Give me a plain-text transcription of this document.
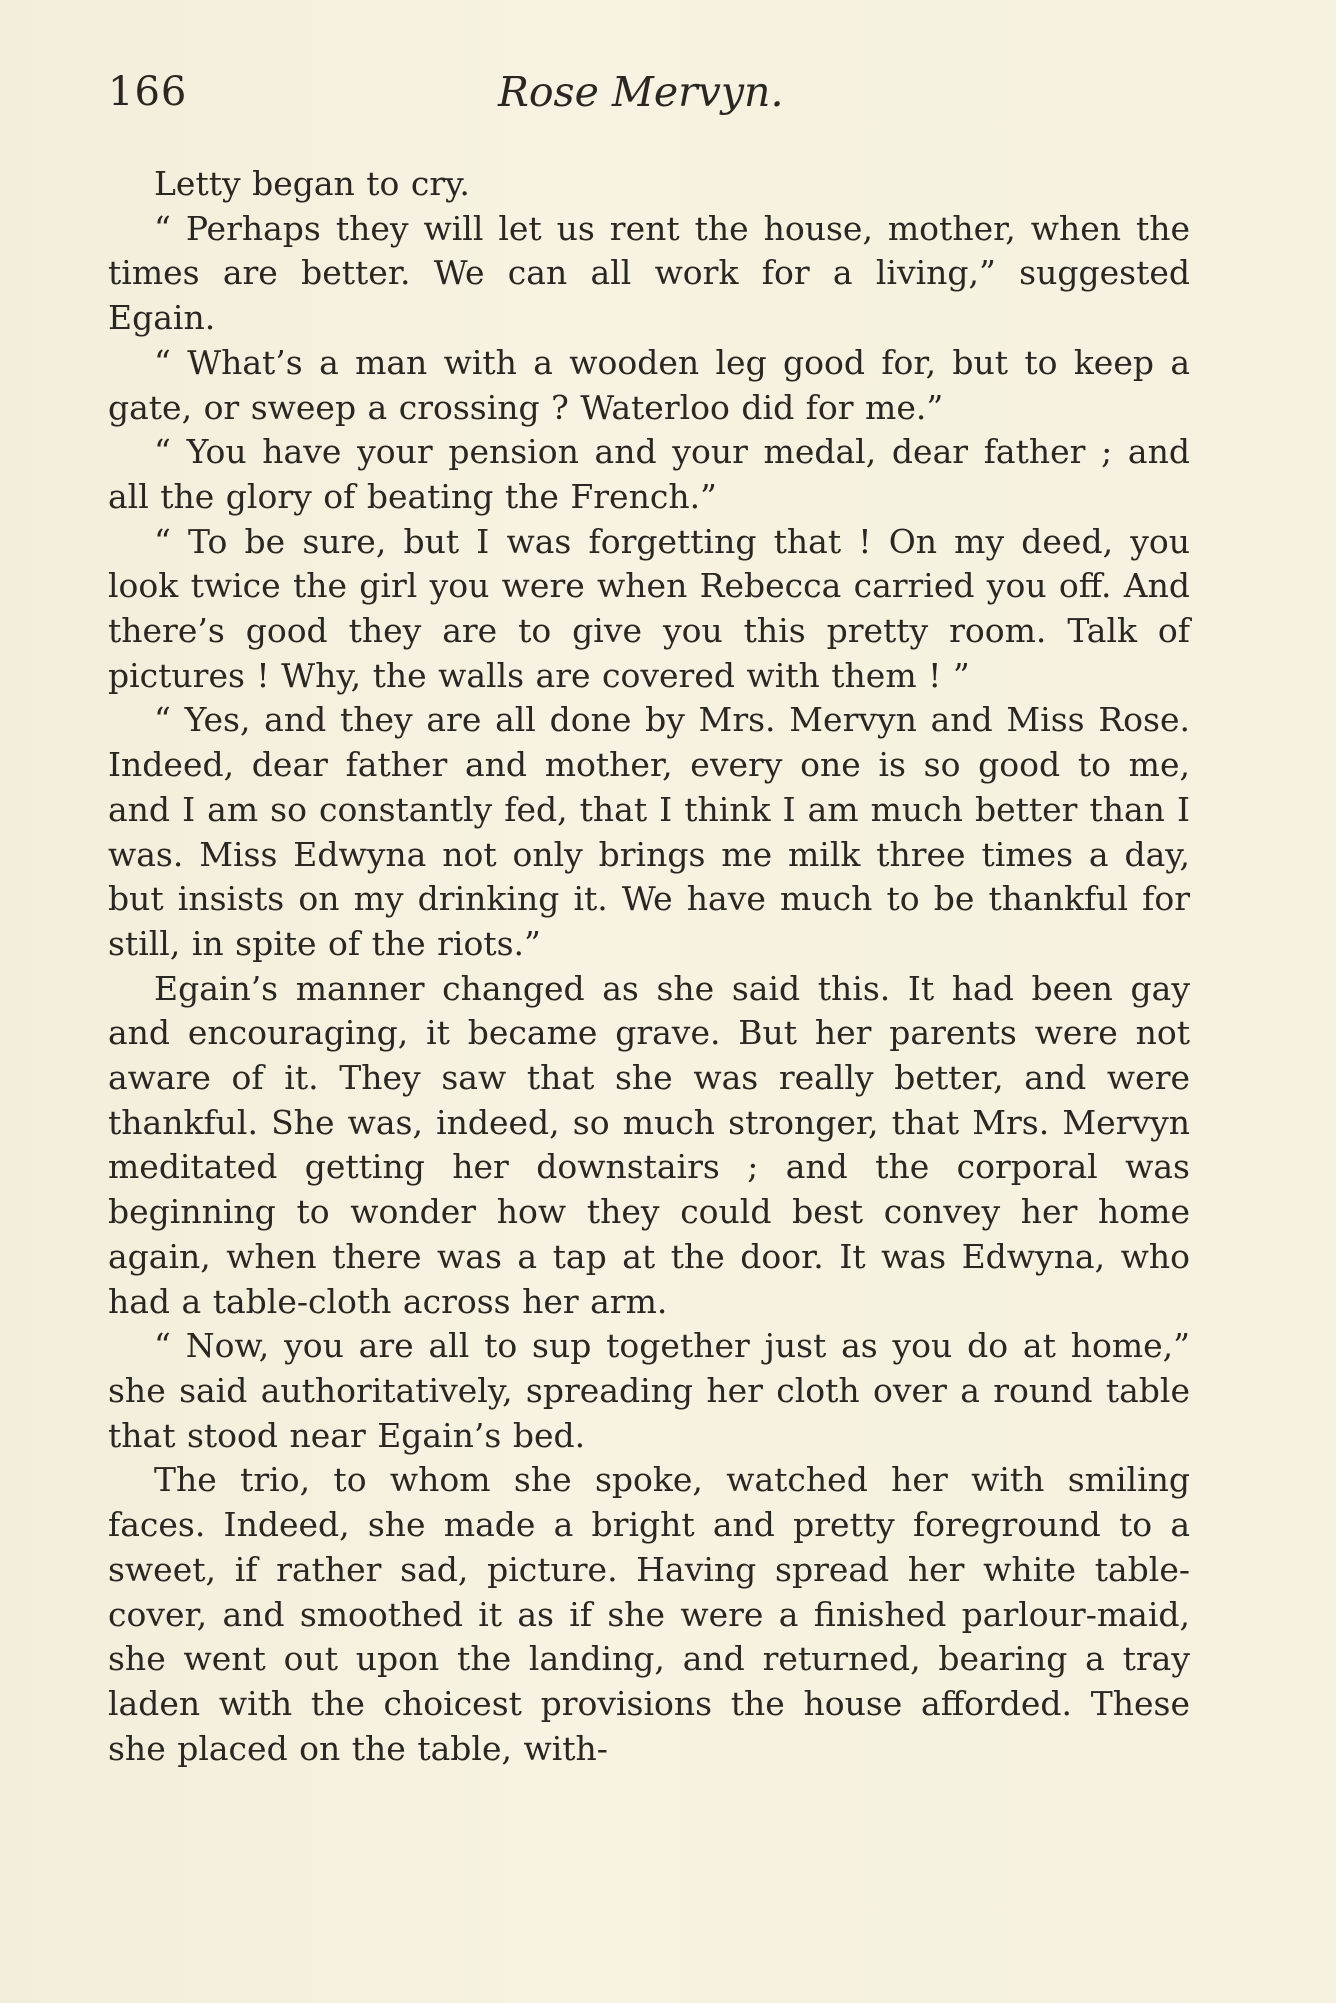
166	Rose Mervyn.

Letty began to cry.

“ Perhaps they will let us rent the house, mother, when the times are better. We can all work for a living,” suggested Egain.

“ What’s a man with a wooden leg good for, but to keep a gate, or sweep a crossing ? Waterloo did for me.”

“ You have your pension and your medal, dear father ; and all the glory of beating the French.”

“ To be sure, but I was forgetting that ! On my deed, you look twice the girl you were when Rebecca carried you off. And there’s good they are to give you this pretty room. Talk of pictures ! Why, the walls are covered with them ! ”

“ Yes, and they are all done by Mrs. Mervyn and Miss Rose. Indeed, dear father and mother, every one is so good to me, and I am so constantly fed, that I think I am much better than I was. Miss Edwyna not only brings me milk three times a day, but insists on my drinking it. We have much to be thankful for still, in spite of the riots.”

Egain’s manner changed as she said this. It had been gay and encouraging, it became grave. But her parents were not aware of it. They saw that she was really better, and were thankful. She was, indeed, so much stronger, that Mrs. Mervyn meditated getting her downstairs ; and the corporal was beginning to wonder how they could best convey her home again, when there was a tap at the door. It was Edwyna, who had a table-cloth across her arm.

“ Now, you are all to sup together just as you do at home,” she said authoritatively, spreading her cloth over a round table that stood near Egain’s bed.

The trio, to whom she spoke, watched her with smiling faces. Indeed, she made a bright and pretty foreground to a sweet, if rather sad, picture. Having spread her white table-cover, and smoothed it as if she were a finished parlour-maid, she went out upon the landing, and returned, bearing a tray laden with the choicest provisions the house afforded. These she placed on the table, with-
